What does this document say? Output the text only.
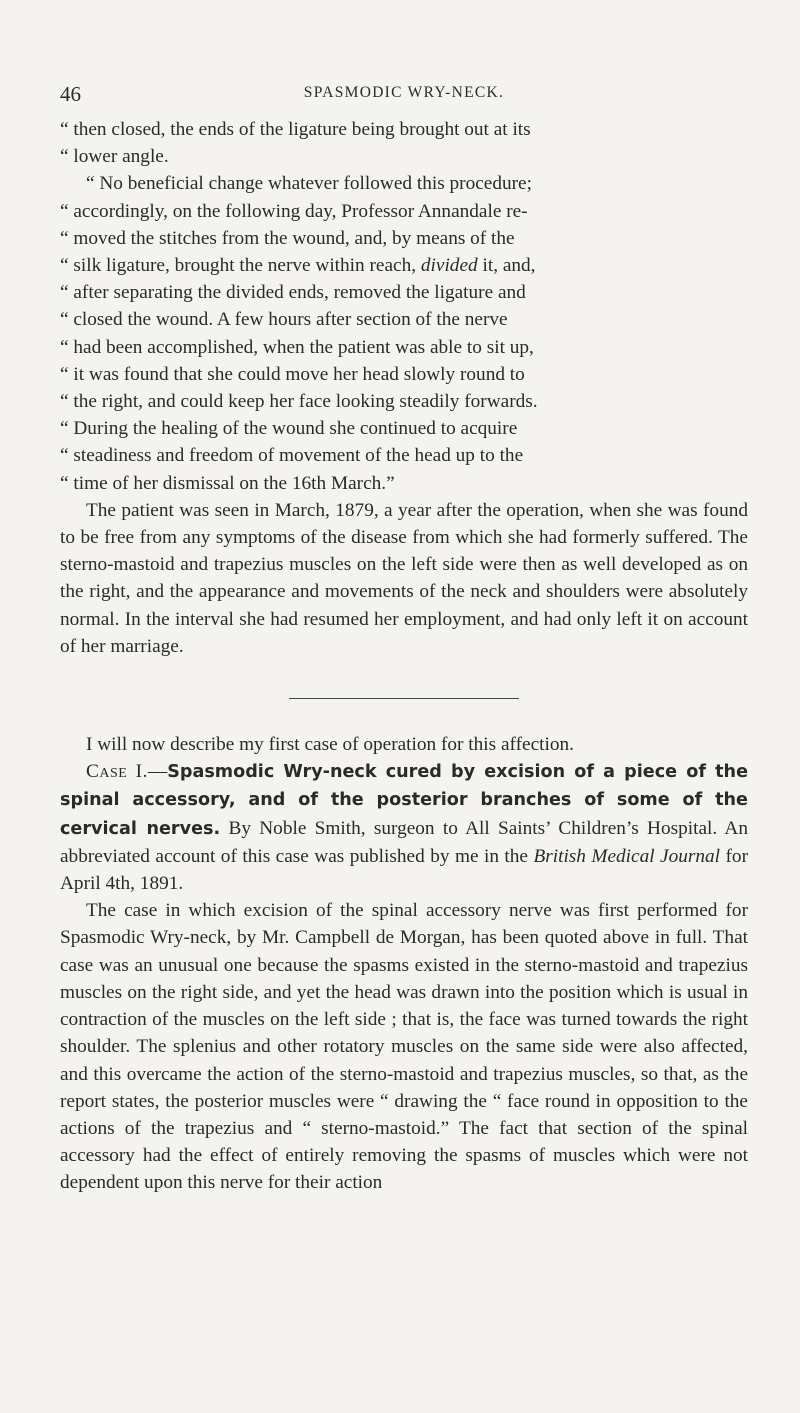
46	SPASMODIC WRY-NECK.

“ then closed, the ends of the ligature being brought out at its

“ lower angle.

“ No beneficial change whatever followed this procedure;

“ accordingly, on the following day, Professor Annandale re-

“ moved the stitches from the wound, and, by means of the

“ silk ligature, brought the nerve within reach, divided it, and,

“ after separating the divided ends, removed the ligature and

“ closed the wound. A few hours after section of the nerve

“ had been accomplished, when the patient was able to sit up,

“ it was found that she could move her head slowly round to

“ the right, and could keep her face looking steadily forwards.

“ During the healing of the wound she continued to acquire

“ steadiness and freedom of movement of the head up to the

“ time of her dismissal on the 16th March.”

The patient was seen in March, 1879, a year after the operation, when she was found to be free from any symptoms of the disease from which she had formerly suffered. The sterno-mastoid and trapezius muscles on the left side were then as well developed as on the right, and the appearance and movements of the neck and shoulders were absolutely normal. In the interval she had resumed her employment, and had only left it on account of her marriage.

I will now describe my first case of operation for this affection.

Case I.—Spasmodic Wry-neck cured by excision of a piece of the spinal accessory, and of the posterior branches of some of the cervical nerves. By Noble Smith, surgeon to All Saints’ Children’s Hospital. An abbreviated account of this case was published by me in the British Medical Journal for April 4th, 1891.

The case in which excision of the spinal accessory nerve was first performed for Spasmodic Wry-neck, by Mr. Campbell de Morgan, has been quoted above in full. That case was an unusual one because the spasms existed in the sterno-mastoid and trapezius muscles on the right side, and yet the head was drawn into the position which is usual in contraction of the muscles on the left side ; that is, the face was turned towards the right shoulder. The splenius and other rotatory muscles on the same side were also affected, and this overcame the action of the sterno-mastoid and trapezius muscles, so that, as the report states, the posterior muscles were “ drawing the “ face round in opposition to the actions of the trapezius and “ sterno-mastoid.” The fact that section of the spinal accessory had the effect of entirely removing the spasms of muscles which were not dependent upon this nerve for their action
